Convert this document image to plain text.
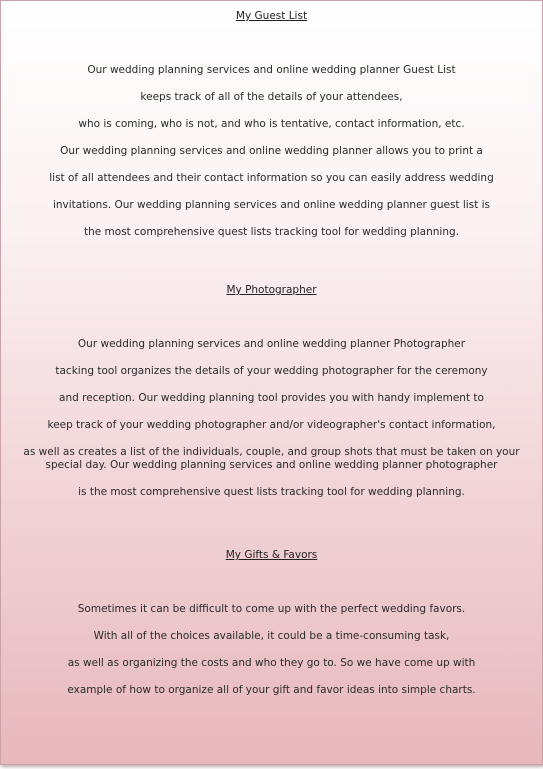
My Guest List
Our wedding planning services and online wedding planner Guest List
keeps track of all of the details of your attendees,
who is coming, who is not, and who is tentative, contact information, etc.
Our wedding planning services and online wedding planner allows you to print a
list of all attendees and their contact information so you can easily address wedding
invitations. Our wedding planning services and online wedding planner guest list is
the most comprehensive quest lists tracking tool for wedding planning.
My Photographer
Our wedding planning services and online wedding planner Photographer
tacking tool organizes the details of your wedding photographer for the ceremony
and reception. Our wedding planning tool provides you with handy implement to
keep track of your wedding photographer and/or videographer's contact information,
as well as creates a list of the individuals, couple, and group shots that must be taken on your special day. Our wedding planning services and online wedding planner photographer
is the most comprehensive quest lists tracking tool for wedding planning.
My Gifts & Favors
Sometimes it can be difficult to come up with the perfect wedding favors.
With all of the choices available, it could be a time-consuming task,
as well as organizing the costs and who they go to. So we have come up with
example of how to organize all of your gift and favor ideas into simple charts.
